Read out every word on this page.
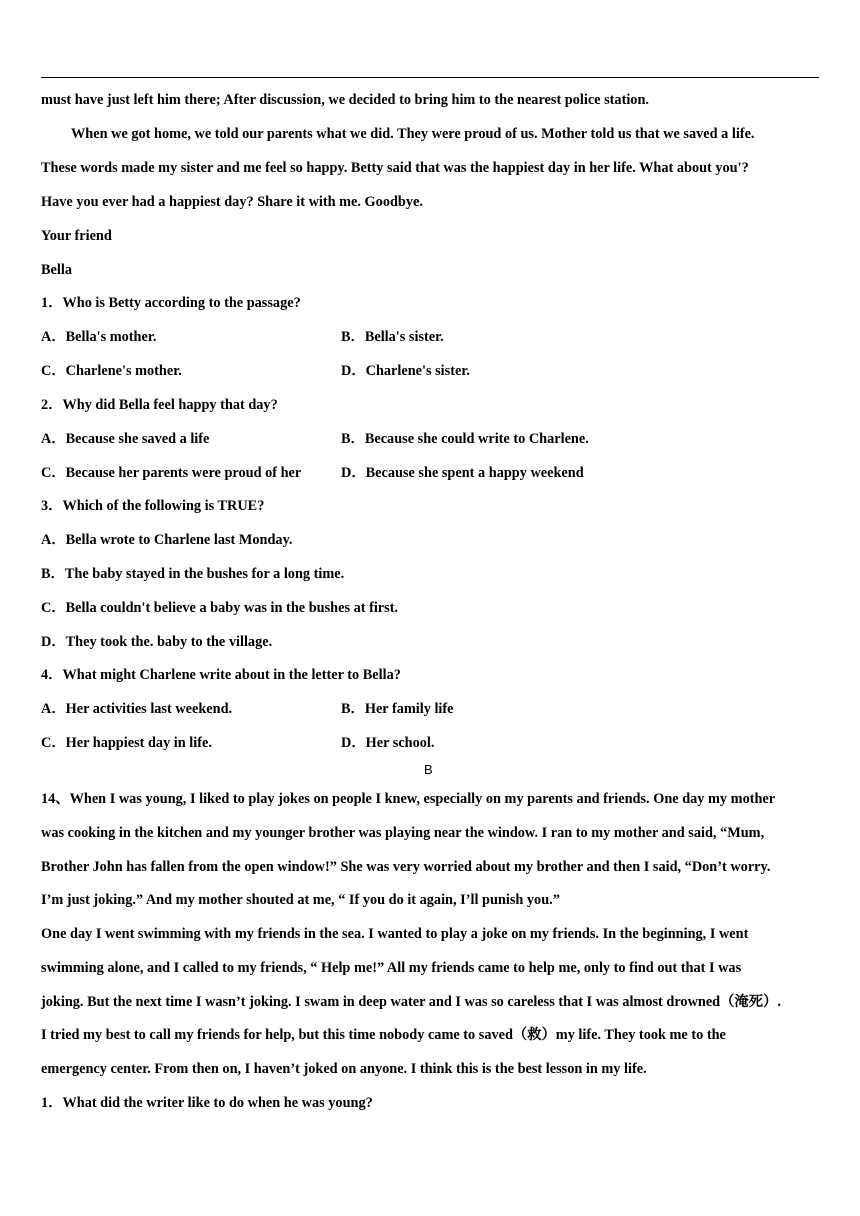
must have just left him there; After discussion, we decided to bring him to the nearest police station.
When we got home, we told our parents what we did. They were proud of us. Mother told us that we saved a life.
These words made my sister and me feel so happy. Betty said that was the happiest day in her life. What about you'?
Have you ever had a happiest day? Share it with me. Goodbye.
Your friend
Bella
1．Who is Betty according to the passage?
A．Bella's mother.	B．Bella's sister.
C．Charlene's mother.	D．Charlene's sister.
2．Why did Bella feel happy that day?
A．Because she saved a life	B．Because she could write to Charlene.
C．Because her parents were proud of her	D．Because she spent a happy weekend
3．Which of the following is TRUE?
A．Bella wrote to Charlene last Monday.
B．The baby stayed in the bushes for a long time.
C．Bella couldn't believe a baby was in the bushes at first.
D．They took the. baby to the village.
4．What might Charlene write about in the letter to Bella?
A．Her activities last weekend.	B．Her family life
C．Her happiest day in life.	D．Her school.
B
14、When I was young, I liked to play jokes on people I knew, especially on my parents and friends. One day my mother
was cooking in the kitchen and my younger brother was playing near the window. I ran to my mother and said, “Mum,
Brother John has fallen from the open window!” She was very worried about my brother and then I said, “Don’t worry.
I’m just joking.” And my mother shouted at me, “ If you do it again, I’ll punish you.”
One day I went swimming with my friends in the sea. I wanted to play a joke on my friends. In the beginning, I went
swimming alone, and I called to my friends, “ Help me!” All my friends came to help me, only to find out that I was
joking. But the next time I wasn’t joking. I swam in deep water and I was so careless that I was almost drowned（淹死）.
I tried my best to call my friends for help, but this time nobody came to saved（救）my life. They took me to the
emergency center. From then on, I haven’t joked on anyone. I think this is the best lesson in my life.
1．What did the writer like to do when he was young?
